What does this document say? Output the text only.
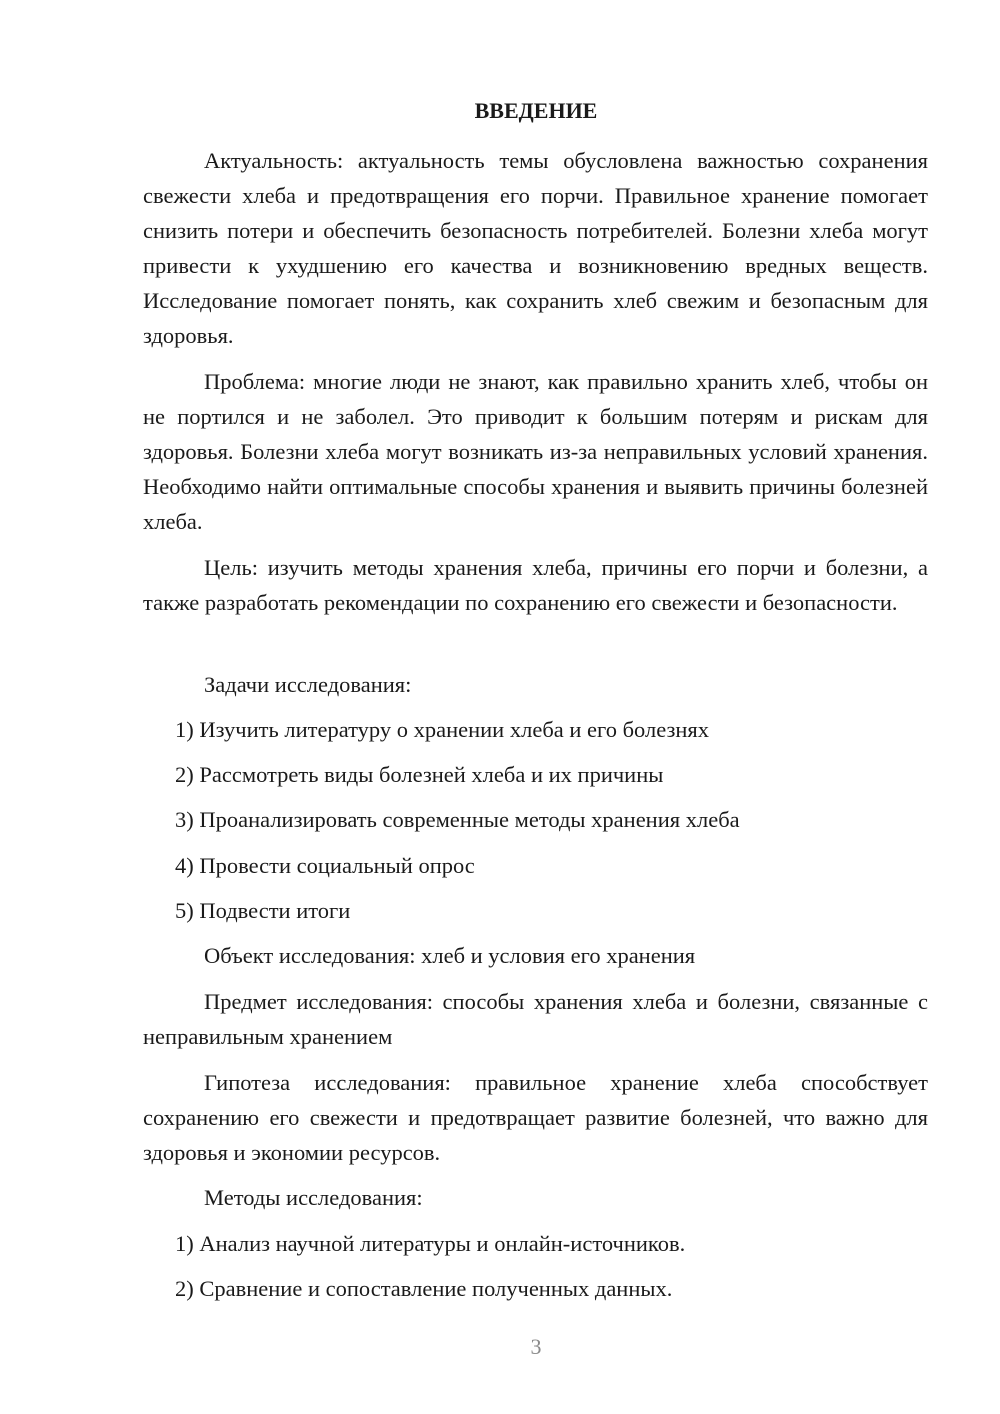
ВВЕДЕНИЕ
Актуальность: актуальность темы обусловлена важностью сохранения свежести хлеба и предотвращения его порчи. Правильное хранение помогает снизить потери и обеспечить безопасность потребителей. Болезни хлеба могут привести к ухудшению его качества и возникновению вредных веществ. Исследование помогает понять, как сохранить хлеб свежим и безопасным для здоровья.
Проблема: многие люди не знают, как правильно хранить хлеб, чтобы он не портился и не заболел. Это приводит к большим потерям и рискам для здоровья. Болезни хлеба могут возникать из-за неправильных условий хранения. Необходимо найти оптимальные способы хранения и выявить причины болезней хлеба.
Цель: изучить методы хранения хлеба, причины его порчи и болезни, а также разработать рекомендации по сохранению его свежести и безопасности.
Задачи исследования:
1) Изучить литературу о хранении хлеба и его болезнях
2) Рассмотреть виды болезней хлеба и их причины
3) Проанализировать современные методы хранения хлеба
4) Провести социальный опрос
5) Подвести итоги
Объект исследования: хлеб и условия его хранения
Предмет исследования: способы хранения хлеба и болезни, связанные с неправильным хранением
Гипотеза исследования: правильное хранение хлеба способствует сохранению его свежести и предотвращает развитие болезней, что важно для здоровья и экономии ресурсов.
Методы исследования:
1) Анализ научной литературы и онлайн-источников.
2) Сравнение и сопоставление полученных данных.
3
